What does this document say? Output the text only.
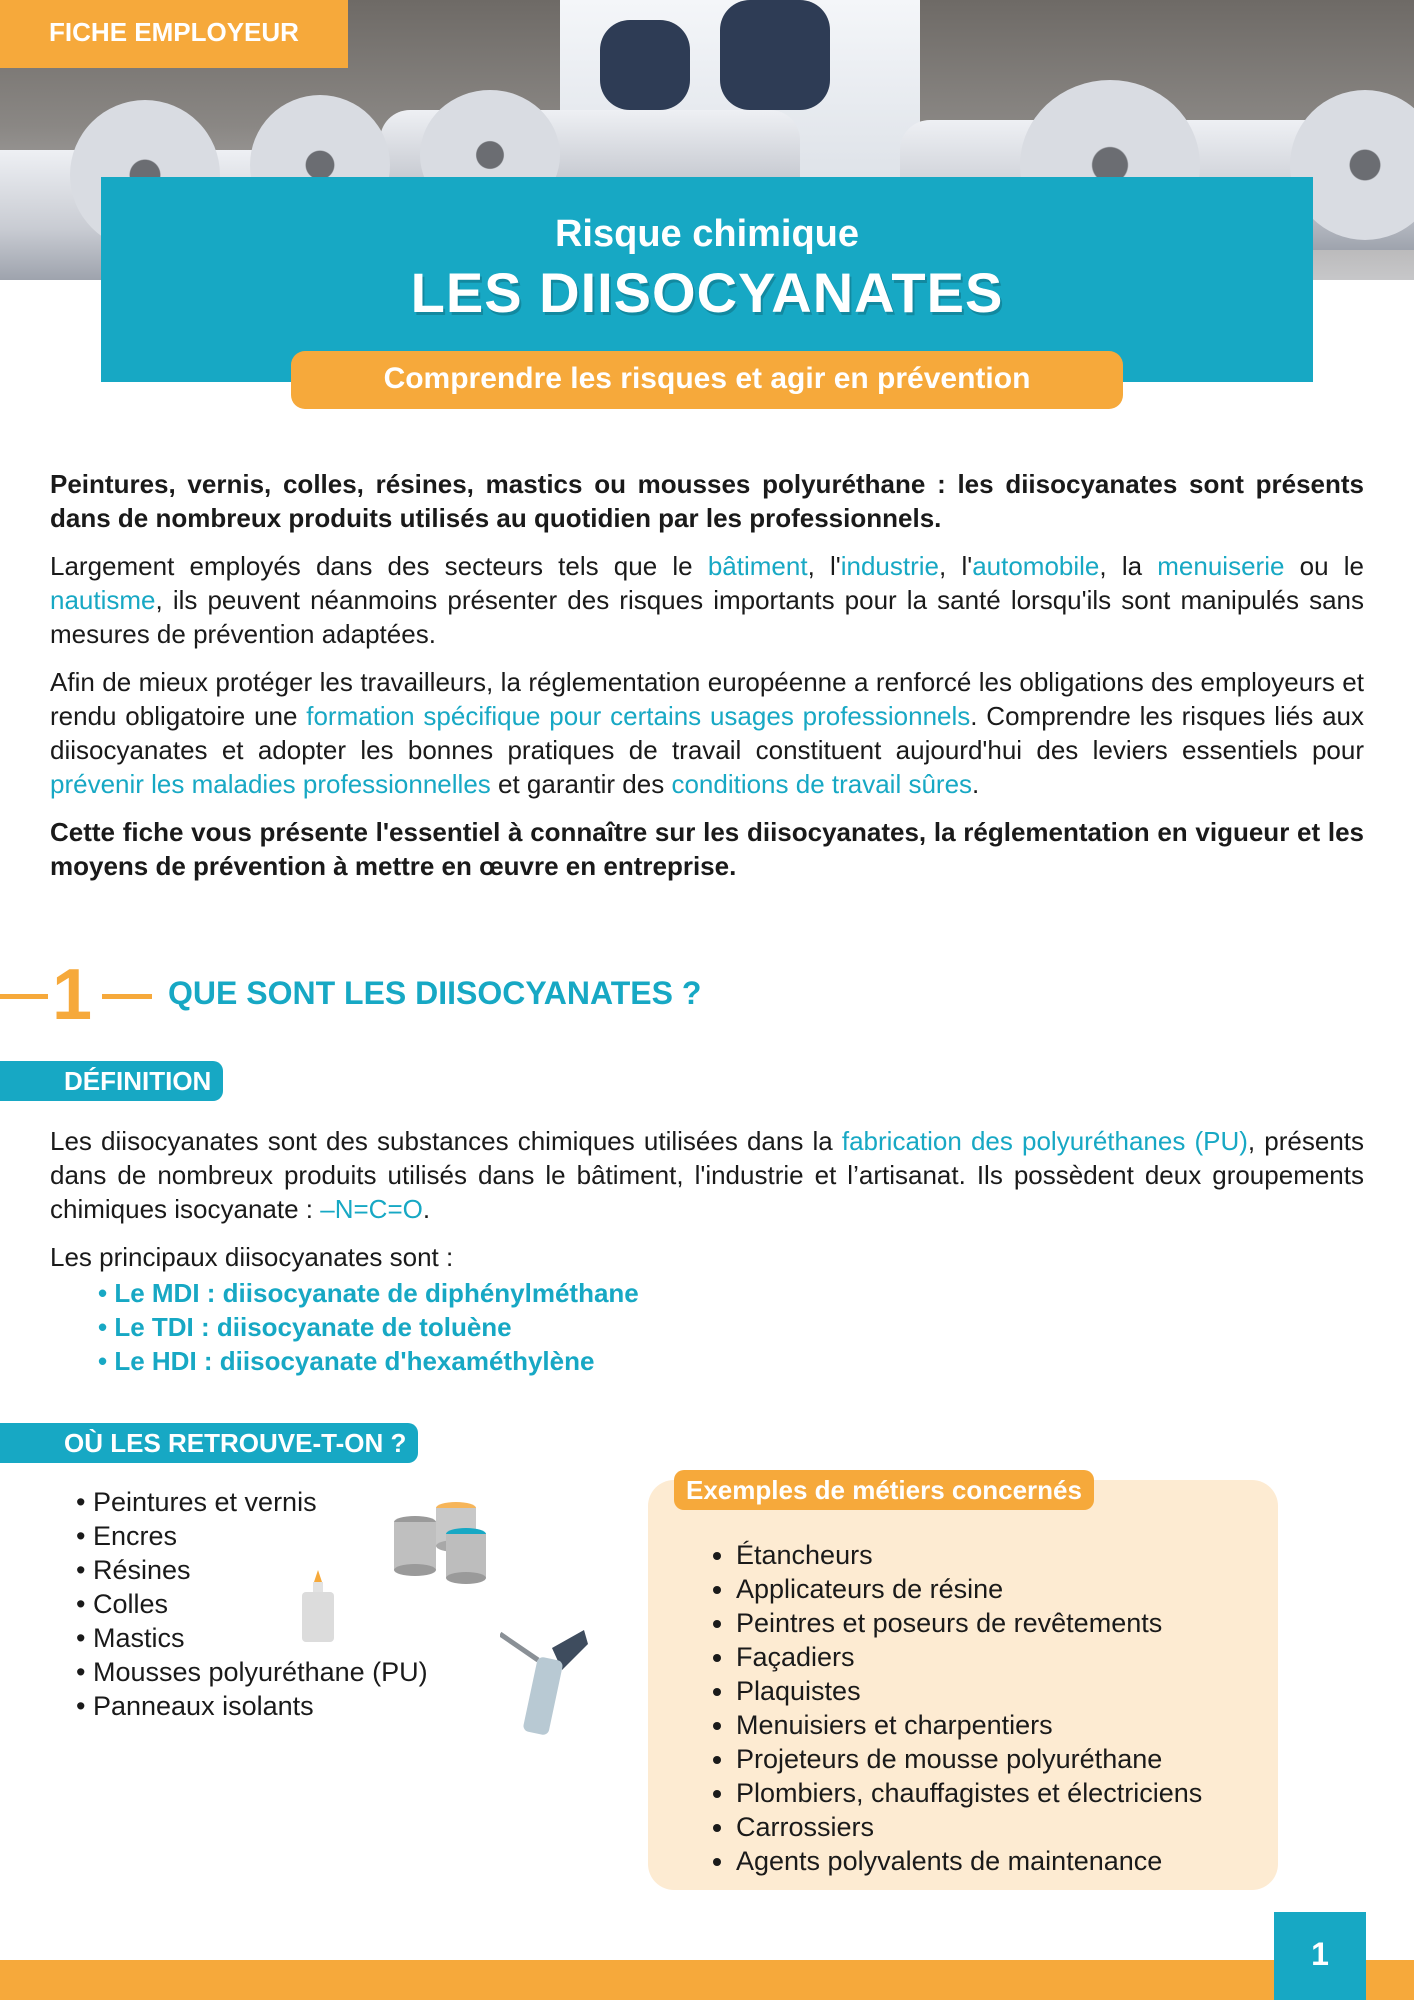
FICHE EMPLOYEUR
Risque chimique
LES DIISOCYANATES
Comprendre les risques et agir en prévention

Peintures, vernis, colles, résines, mastics ou mousses polyuréthane : les diisocyanates sont présents dans de nombreux produits utilisés au quotidien par les professionnels.

Largement employés dans des secteurs tels que le bâtiment, l'industrie, l'automobile, la menuiserie ou le nautisme, ils peuvent néanmoins présenter des risques importants pour la santé lorsqu'ils sont manipulés sans mesures de prévention adaptées.

Afin de mieux protéger les travailleurs, la réglementation européenne a renforcé les obligations des employeurs et rendu obligatoire une formation spécifique pour certains usages professionnels. Comprendre les risques liés aux diisocyanates et adopter les bonnes pratiques de travail constituent aujourd'hui des leviers essentiels pour prévenir les maladies professionnelles et garantir des conditions de travail sûres.

Cette fiche vous présente l'essentiel à connaître sur les diisocyanates, la réglementation en vigueur et les moyens de prévention à mettre en œuvre en entreprise.

1 QUE SONT LES DIISOCYANATES ?
DÉFINITION

Les diisocyanates sont des substances chimiques utilisées dans la fabrication des polyuréthanes (PU), présents dans de nombreux produits utilisés dans le bâtiment, l'industrie et l’artisanat. Ils possèdent deux groupements chimiques isocyanate : –N=C=O.

Les principaux diisocyanates sont :
• Le MDI : diisocyanate de diphénylméthane
• Le TDI : diisocyanate de toluène
• Le HDI : diisocyanate d'hexaméthylène
OÙ LES RETROUVE-T-ON ?
• Peintures et vernis
• Encres
• Résines
• Colles
• Mastics
• Mousses polyuréthane (PU)
• Panneaux isolants
Exemples de métiers concernés
• Étancheurs
• Applicateurs de résine
• Peintres et poseurs de revêtements
• Façadiers
• Plaquistes
• Menuisiers et charpentiers
• Projeteurs de mousse polyuréthane
• Plombiers, chauffagistes et électriciens
• Carrossiers
• Agents polyvalents de maintenance
1
